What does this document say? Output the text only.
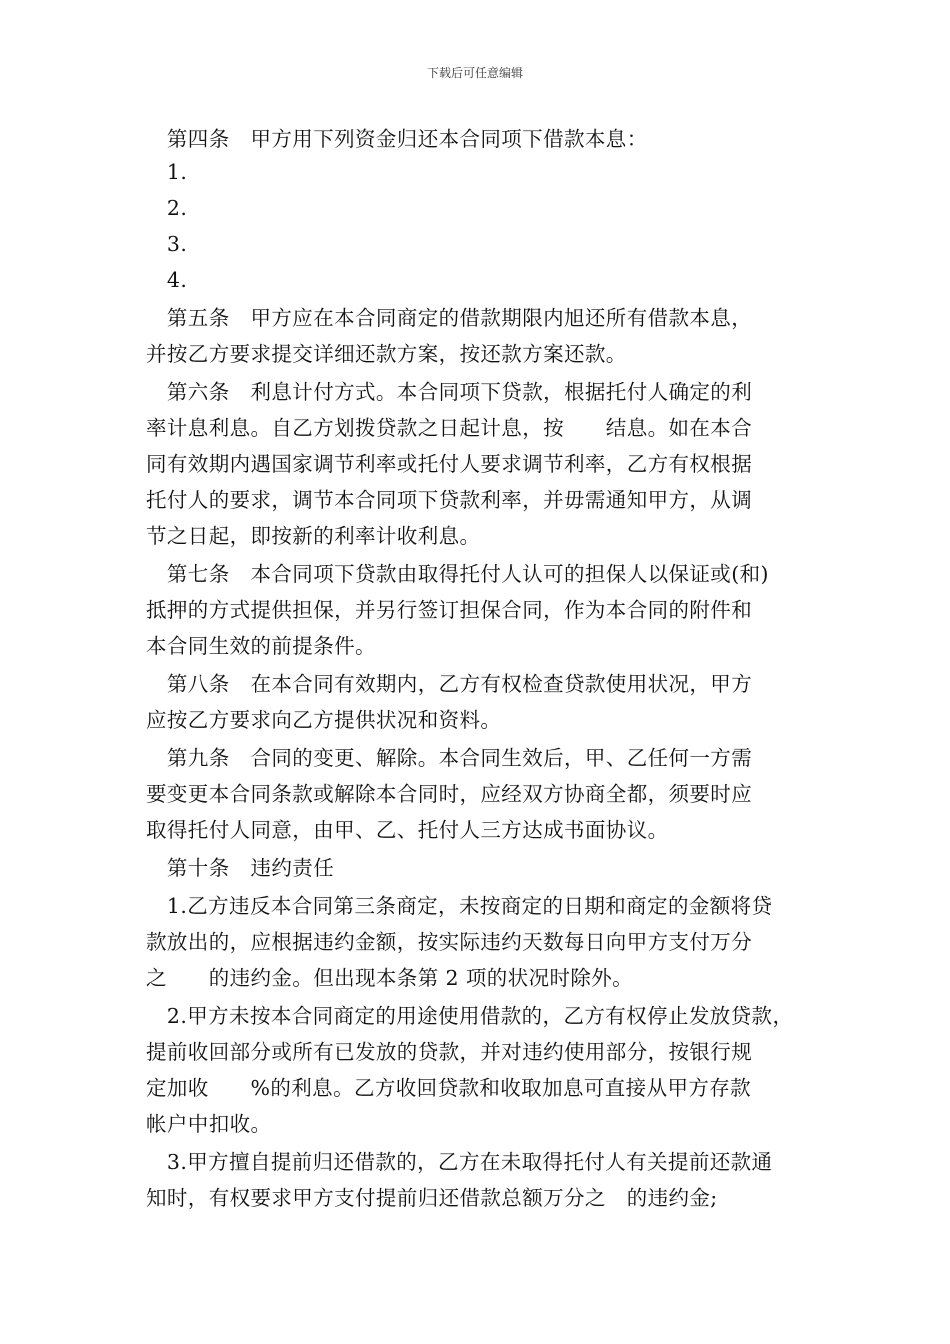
下载后可任意编辑
　第四条　甲方用下列资金归还本合同项下借款本息：
　1.
　2.
　3.
　4.
　第五条　甲方应在本合同商定的借款期限内旭还所有借款本息，
并按乙方要求提交详细还款方案，按还款方案还款。
　第六条　利息计付方式。本合同项下贷款，根据托付人确定的利
率计息利息。自乙方划拨贷款之日起计息，按　　结息。如在本合
同有效期内遇国家调节利率或托付人要求调节利率，乙方有权根据
托付人的要求，调节本合同项下贷款利率，并毋需通知甲方，从调
节之日起，即按新的利率计收利息。
　第七条　本合同项下贷款由取得托付人认可的担保人以保证或(和)
抵押的方式提供担保，并另行签订担保合同，作为本合同的附件和
本合同生效的前提条件。
　第八条　在本合同有效期内，乙方有权检查贷款使用状况，甲方
应按乙方要求向乙方提供状况和资料。
　第九条　合同的变更、解除。本合同生效后，甲、乙任何一方需
要变更本合同条款或解除本合同时，应经双方协商全都，须要时应
取得托付人同意，由甲、乙、托付人三方达成书面协议。
　第十条　违约责任
　1.乙方违反本合同第三条商定，未按商定的日期和商定的金额将贷
款放出的，应根据违约金额，按实际违约天数每日向甲方支付万分
之　　的违约金。但出现本条第 2 项的状况时除外。
　2.甲方未按本合同商定的用途使用借款的，乙方有权停止发放贷款，
提前收回部分或所有已发放的贷款，并对违约使用部分，按银行规
定加收　　%的利息。乙方收回贷款和收取加息可直接从甲方存款
帐户中扣收。
　3.甲方擅自提前归还借款的，乙方在未取得托付人有关提前还款通
知时，有权要求甲方支付提前归还借款总额万分之　的违约金;
